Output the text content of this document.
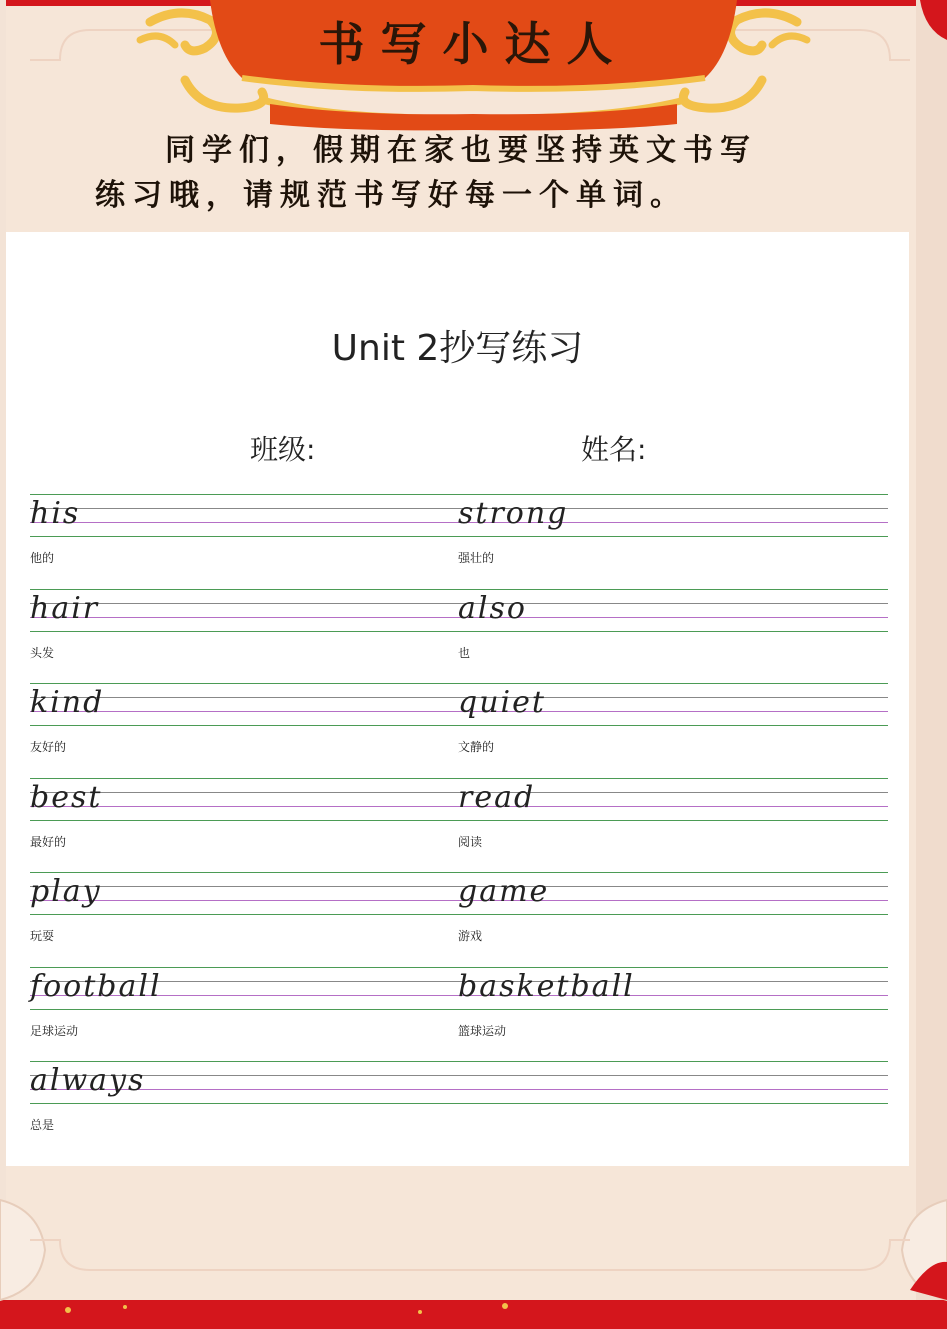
书写小达人
同学们，假期在家也要坚持英文书写
练习哦，请规范书写好每一个单词。
Unit 2抄写练习
班级:	姓名:
his
他的
strong
强壮的
hair
头发
also
也
kind
友好的
quiet
文静的
best
最好的
read
阅读
play
玩耍
game
游戏
football
足球运动
basketball
篮球运动
always
总是
